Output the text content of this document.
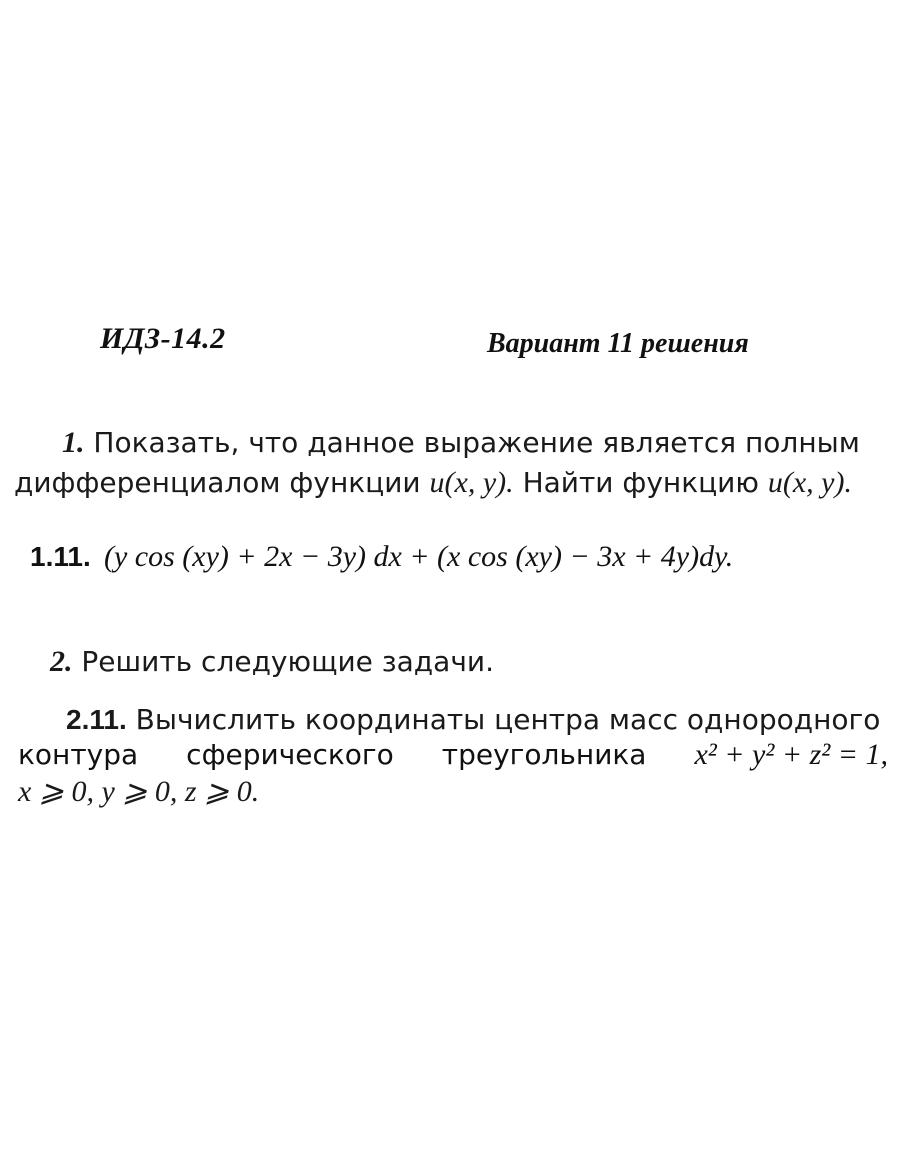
ИДЗ-14.2	Вариант 11 решения
1. Показать, что данное выражение является полным
дифференциалом функции u(x, y). Найти функцию u(x, y).
1.11. (y cos (xy) + 2x − 3y) dx + (x cos (xy) − 3x + 4y)dy.
2. Решить следующие задачи.
2.11. Вычислить координаты центра масс однородного
контура сферического треугольника x² + y² + z² = 1,
x ⩾ 0, y ⩾ 0, z ⩾ 0.
